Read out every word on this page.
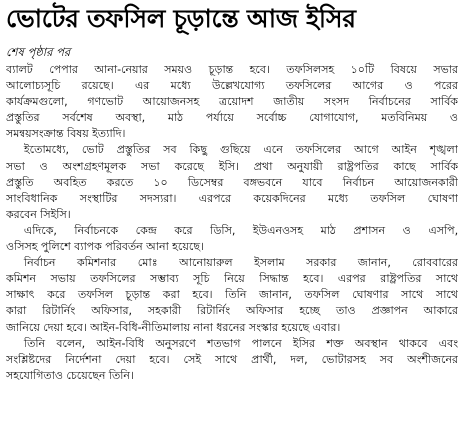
ভোটের তফসিল চূড়ান্তে আজ ইসির
শেষ পৃষ্ঠার পর
ব্যালট পেপার আনা-নেয়ার সময়ও চূড়ান্ত হবে। তফসিলসহ ১০টি বিষয়ে সভার
আলোচ্যসূচি রয়েছে। এর মধ্যে উল্লেখযোগ্য তফসিলের আগের ও পরের
কার্যক্রমগুলো, গণভোট আয়োজনসহ ত্রয়োদশ জাতীয় সংসদ নির্বাচনের সার্বিক
প্রস্তুতির সর্বশেষ অবস্থা, মাঠ পর্যায়ে সর্বোচ্চ যোগাযোগ, মতবিনিময় ও
সমন্বয়সংক্রান্ত বিষয় ইত্যাদি।
ইতোমধ্যে, ভোট প্রস্তুতির সব কিছু গুছিয়ে এনে তফসিলের আগে আইন শৃঙ্খলা
সভা ও অংশগ্রহণমূলক সভা করেছে ইসি। প্রথা অনুযায়ী রাষ্ট্রপতির কাছে সার্বিক
প্রস্তুতি অবহিত করতে ১০ ডিসেম্বর বঙ্গভবনে যাবে নির্বাচন আয়োজনকারী
সাংবিধানিক সংস্থাটির সদস্যরা। এরপরে কয়েকদিনের মধ্যে তফসিল ঘোষণা
করবেন সিইসি।
এদিকে, নির্বাচনকে কেন্দ্র করে ডিসি, ইউএনওসহ মাঠ প্রশাসন ও এসপি,
ওসিসহ পুলিশে ব্যাপক পরিবর্তন আনা হয়েছে।
নির্বাচন কমিশনার মোঃ আনোয়ারুল ইসলাম সরকার জানান, রোববারের
কমিশন সভায় তফসিলের সম্ভাব্য সূচি নিয়ে সিদ্ধান্ত হবে। এরপর রাষ্ট্রপতির সাথে
সাক্ষাৎ করে তফসিল চূড়ান্ত করা হবে। তিনি জানান, তফসিল ঘোষণার সাথে সাথে
কারা রিটার্নিং অফিসার, সহকারী রিটার্নিং অফিসার হচ্ছে তাও প্রজ্ঞাপন আকারে
জানিয়ে দেয়া হবে। আইন-বিধি-নীতিমালায় নানা ধরনের সংস্কার হয়েছে এবার।
তিনি বলেন, আইন-বিধি অনুসরণে শতভাগ পালনে ইসির শক্ত অবস্থান থাকবে এবং
সংশ্লিষ্টদের নির্দেশনা দেয়া হবে। সেই সাথে প্রার্থী, দল, ভোটারসহ সব অংশীজনের
সহযোগিতাও চেয়েছেন তিনি।
